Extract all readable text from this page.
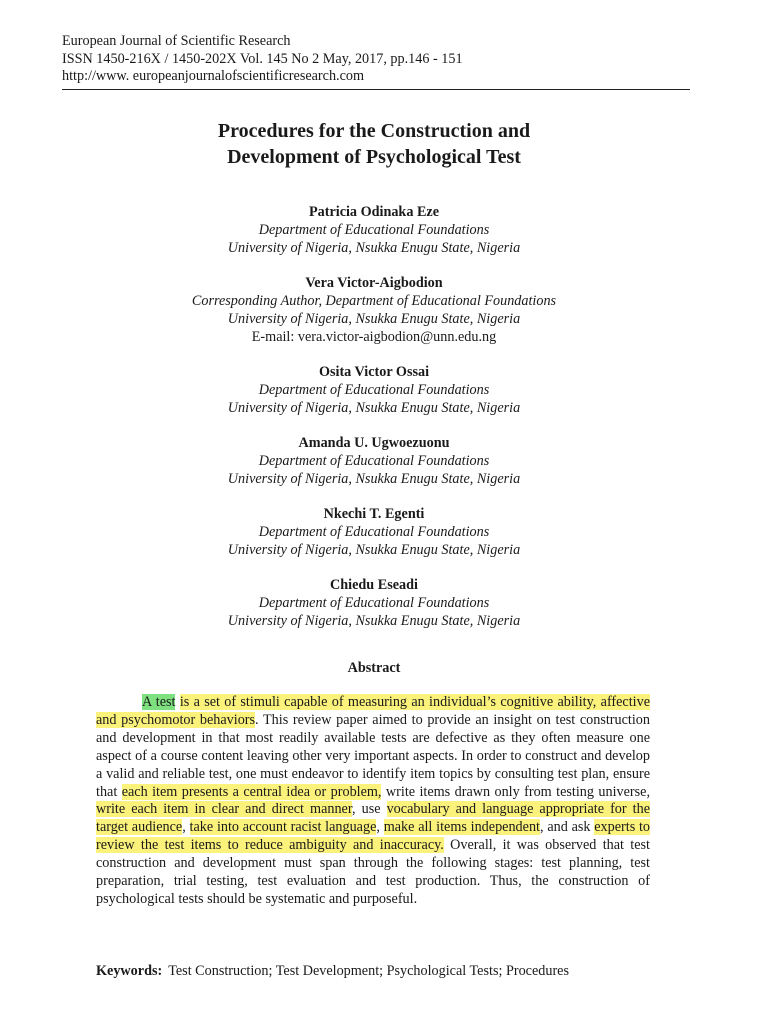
European Journal of Scientific Research
ISSN 1450-216X / 1450-202X Vol. 145 No 2 May, 2017, pp.146 - 151
http://www. europeanjournalofscientificresearch.com
Procedures for the Construction and
Development of Psychological Test
Patricia Odinaka Eze
Department of Educational Foundations
University of Nigeria, Nsukka Enugu State, Nigeria
Vera Victor-Aigbodion
Corresponding Author, Department of Educational Foundations
University of Nigeria, Nsukka Enugu State, Nigeria
E-mail: vera.victor-aigbodion@unn.edu.ng
Osita Victor Ossai
Department of Educational Foundations
University of Nigeria, Nsukka Enugu State, Nigeria
Amanda U. Ugwoezuonu
Department of Educational Foundations
University of Nigeria, Nsukka Enugu State, Nigeria
Nkechi T. Egenti
Department of Educational Foundations
University of Nigeria, Nsukka Enugu State, Nigeria
Chiedu Eseadi
Department of Educational Foundations
University of Nigeria, Nsukka Enugu State, Nigeria
Abstract

A test is a set of stimuli capable of measuring an individual’s cognitive ability, affective and psychomotor behaviors. This review paper aimed to provide an insight on test construction and development in that most readily available tests are defective as they often measure one aspect of a course content leaving other very important aspects. In order to construct and develop a valid and reliable test, one must endeavor to identify item topics by consulting test plan, ensure that each item presents a central idea or problem, write items drawn only from testing universe, write each item in clear and direct manner, use vocabulary and language appropriate for the target audience, take into account racist language, make all items independent, and ask experts to review the test items to reduce ambiguity and inaccuracy. Overall, it was observed that test construction and development must span through the following stages: test planning, test preparation, trial testing, test evaluation and test production. Thus, the construction of psychological tests should be systematic and purposeful.

Keywords: Test Construction; Test Development; Psychological Tests; Procedures
